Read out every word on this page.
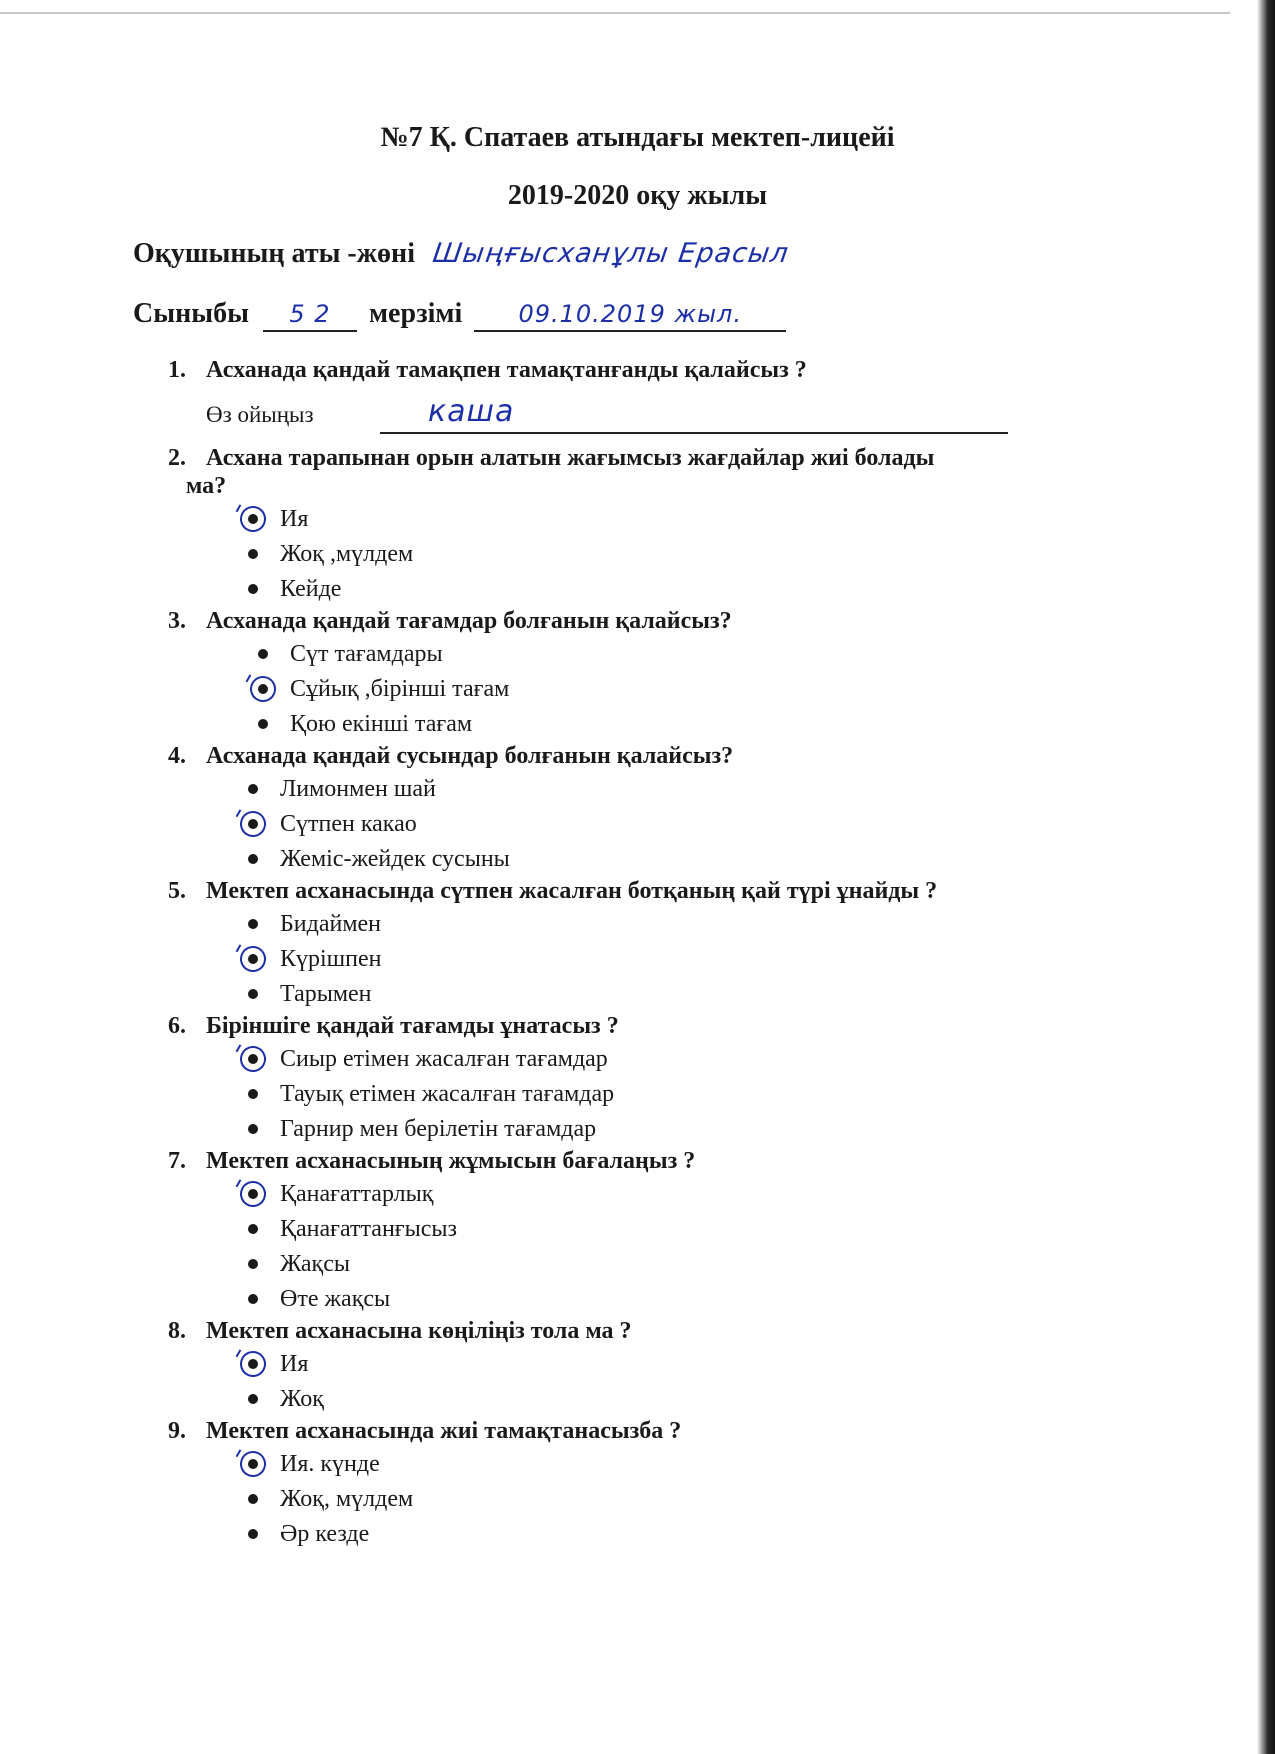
№7 Қ. Спатаев атындағы мектеп-лицейі
2019-2020 оқу жылы
Оқушының аты -жөні Шыңғысханұлы Ерасыл
Сыныбы 5 2 мерзімі 09.10.2019 жыл.
1. Асханада қандай тамақпен тамақтанғанды қалайсыз ?
Өз ойыңыз	каша
2. Асхана тарапынан орын алатын жағымсыз жағдайлар жиі болады
ма?
Ия
Жоқ ,мүлдем
Кейде
3. Асханада қандай тағамдар болғанын қалайсыз?
Сүт тағамдары
Сұйық ,бірінші тағам
Қою екінші тағам
4. Асханада қандай сусындар болғанын қалайсыз?
Лимонмен шай
Сүтпен какао
Жеміс-жейдек сусыны
5. Мектеп асханасында сүтпен жасалған ботқаның қай түрі ұнайды ?
Бидаймен
Күрішпен
Тарымен
6. Біріншіге қандай тағамды ұнатасыз ?
Сиыр етімен жасалған тағамдар
Тауық етімен жасалған тағамдар
Гарнир мен берілетін тағамдар
7. Мектеп асханасының жұмысын бағалаңыз ?
Қанағаттарлық
Қанағаттанғысыз
Жақсы
Өте жақсы
8. Мектеп асханасына көңіліңіз тола ма ?
Ия
Жоқ
9. Мектеп асханасында жиі тамақтанасызба ?
Ия. күнде
Жоқ, мүлдем
Әр кезде
